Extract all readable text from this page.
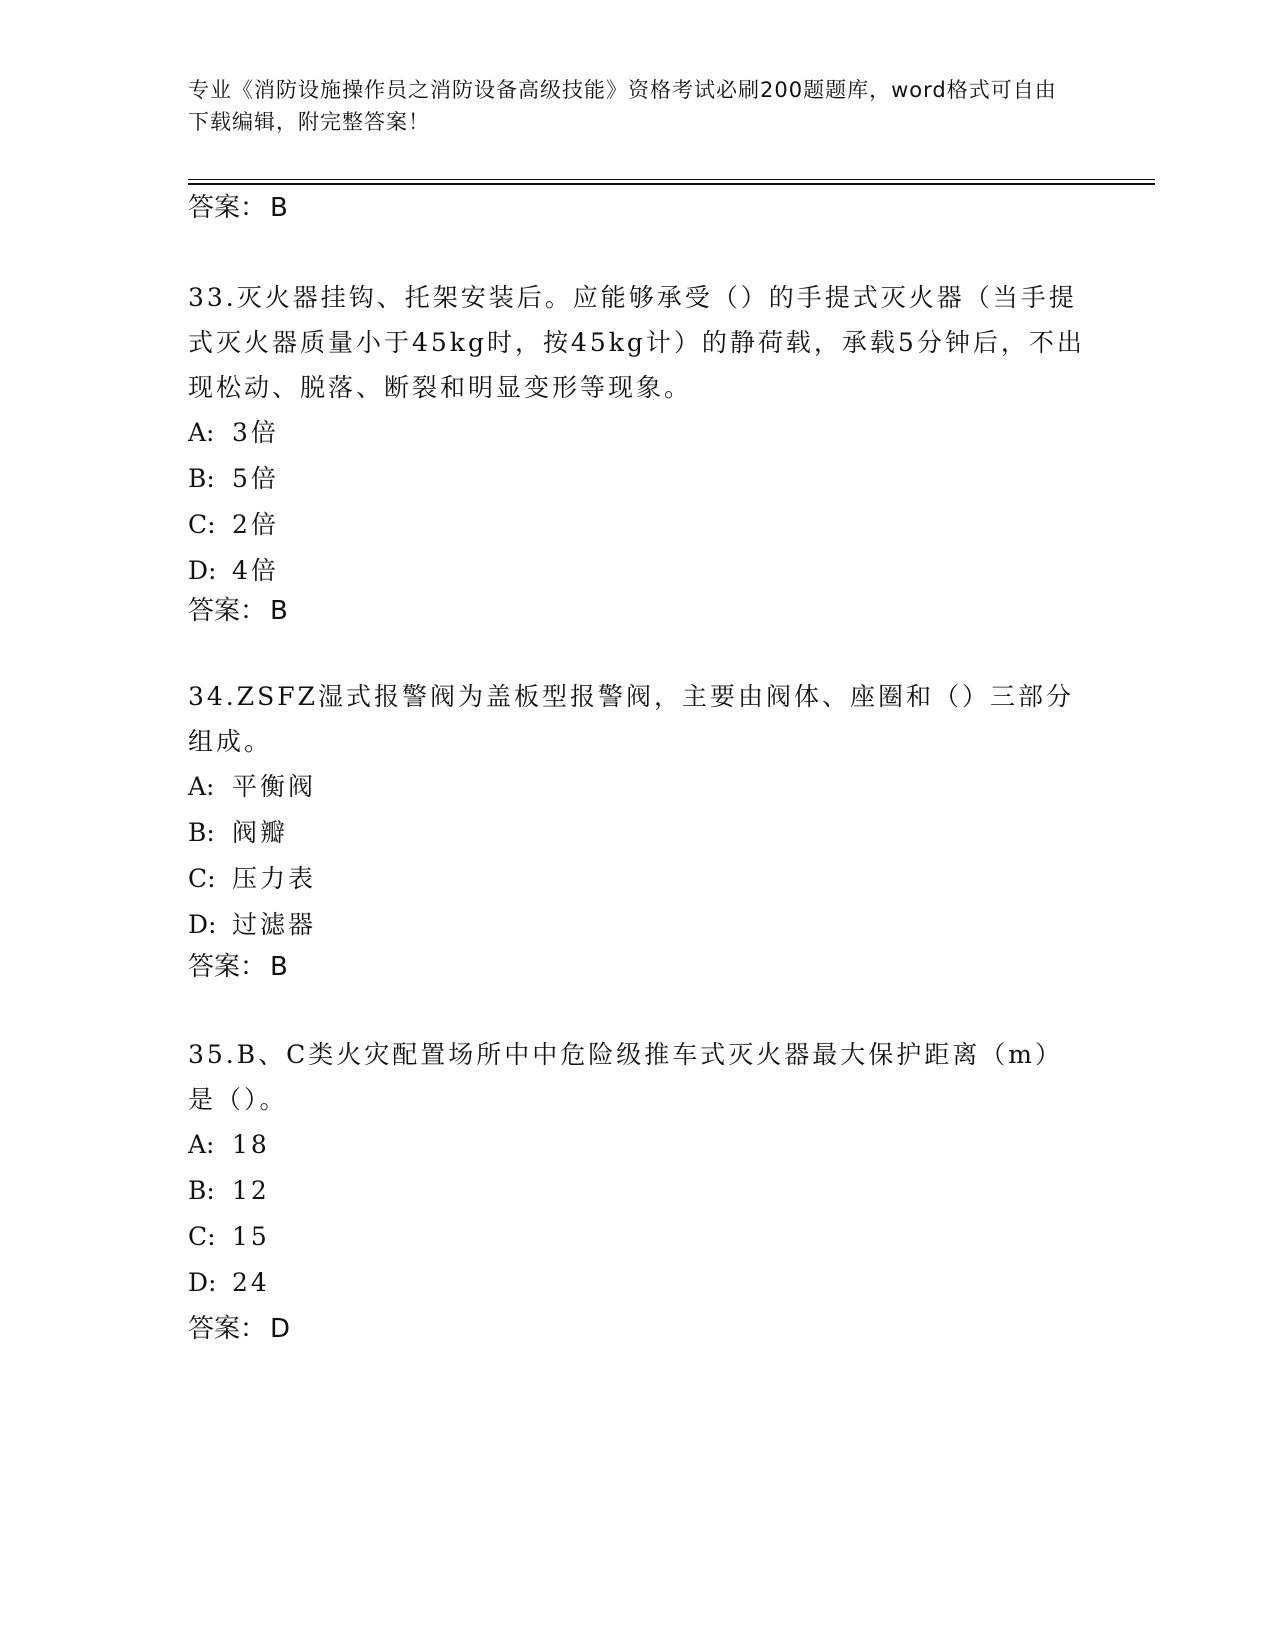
专业《消防设施操作员之消防设备高级技能》资格考试必刷200题题库，word格式可自由下载编辑，附完整答案！
答案： B

33.灭火器挂钩、托架安装后。应能够承受（）的手提式灭火器（当手提式灭火器质量小于45kg时，按45kg计）的静荷载，承载5分钟后，不出现松动、脱落、断裂和明显变形等现象。

A: 3倍
B: 5倍
C: 2倍
D: 4倍
答案： B

34.ZSFZ湿式报警阀为盖板型报警阀，主要由阀体、座圈和（）三部分组成。

A: 平衡阀
B: 阀瓣
C: 压力表
D: 过滤器
答案： B

35.B、C类火灾配置场所中中危险级推车式灭火器最大保护距离（m）是（）。

A: 18
B: 12
C: 15
D: 24
答案： D
